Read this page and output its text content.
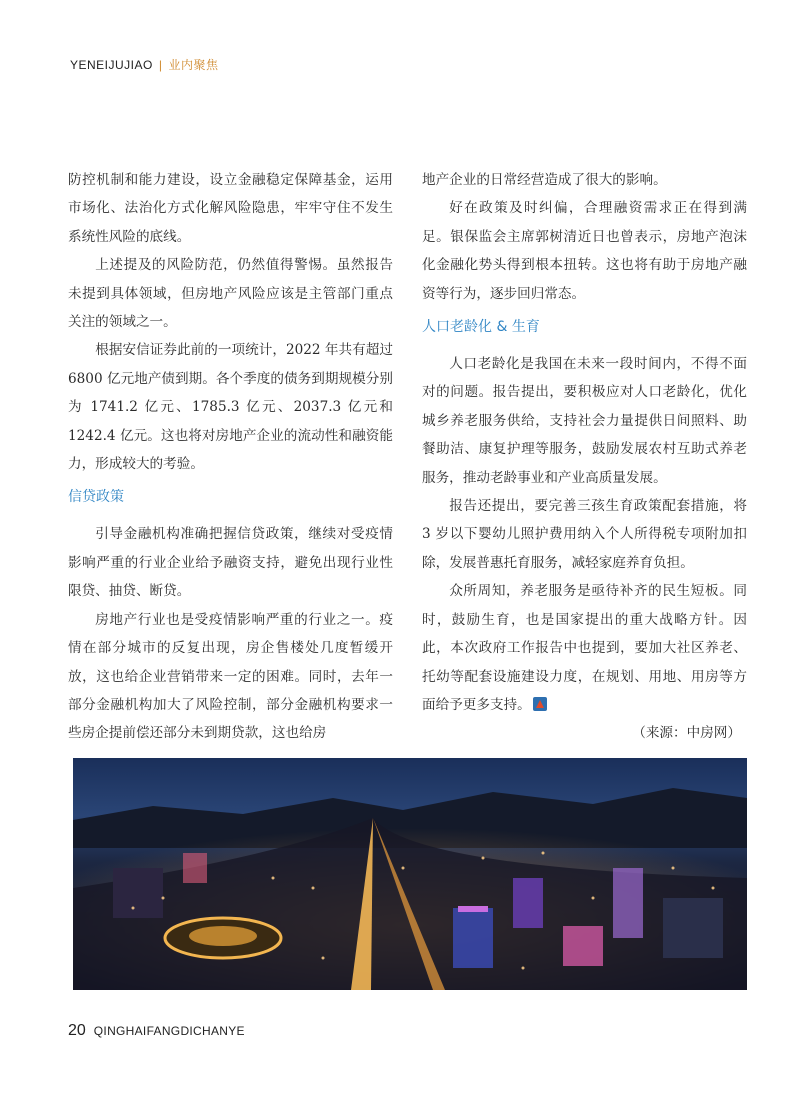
YENEIJUJIAO | 业内聚焦

防控机制和能力建设，设立金融稳定保障基金，运用市场化、法治化方式化解风险隐患，牢牢守住不发生系统性风险的底线。

上述提及的风险防范，仍然值得警惕。虽然报告未提到具体领域，但房地产风险应该是主管部门重点关注的领域之一。

根据安信证券此前的一项统计，2022 年共有超过 6800 亿元地产债到期。各个季度的债务到期规模分别为 1741.2 亿元、1785.3 亿元、2037.3 亿元和 1242.4 亿元。这也将对房地产企业的流动性和融资能力，形成较大的考验。

信贷政策

引导金融机构准确把握信贷政策，继续对受疫情影响严重的行业企业给予融资支持，避免出现行业性限贷、抽贷、断贷。

房地产行业也是受疫情影响严重的行业之一。疫情在部分城市的反复出现，房企售楼处几度暂缓开放，这也给企业营销带来一定的困难。同时，去年一部分金融机构加大了风险控制，部分金融机构要求一些房企提前偿还部分未到期贷款，这也给房

地产企业的日常经营造成了很大的影响。

好在政策及时纠偏，合理融资需求正在得到满足。银保监会主席郭树清近日也曾表示，房地产泡沫化金融化势头得到根本扭转。这也将有助于房地产融资等行为，逐步回归常态。

人口老龄化 & 生育

人口老龄化是我国在未来一段时间内，不得不面对的问题。报告提出，要积极应对人口老龄化，优化城乡养老服务供给，支持社会力量提供日间照料、助餐助洁、康复护理等服务，鼓励发展农村互助式养老服务，推动老龄事业和产业高质量发展。

报告还提出，要完善三孩生育政策配套措施，将 3 岁以下婴幼儿照护费用纳入个人所得税专项附加扣除，发展普惠托育服务，减轻家庭养育负担。

众所周知，养老服务是亟待补齐的民生短板。同时，鼓励生育，也是国家提出的重大战略方针。因此，本次政府工作报告中也提到，要加大社区养老、托幼等配套设施建设力度，在规划、用地、用房等方面给予更多支持。

（来源：中房网）

20 QINGHAIFANGDICHANYE
